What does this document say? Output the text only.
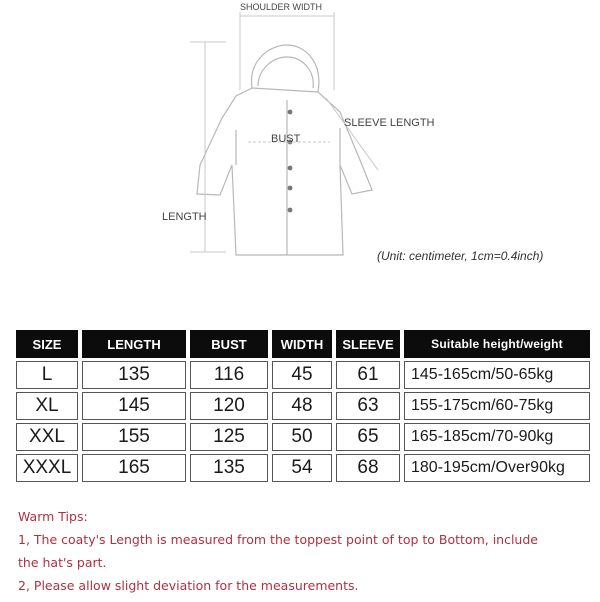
SHOULDER WIDTH
BUST
SLEEVE LENGTH
LENGTH
(Unit: centimeter, 1cm=0.4inch)
SIZE	LENGTH	BUST	WIDTH	SLEEVE	Suitable height/weight
L	135	116	45	61	145-165cm/50-65kg
XL	145	120	48	63	155-175cm/60-75kg
XXL	155	125	50	65	165-185cm/70-90kg
XXXL	165	135	54	68	180-195cm/Over90kg

Warm Tips:

1, The coaty's Length is measured from the toppest point of top to Bottom, include

the hat's part.

2, Please allow slight deviation for the measurements.
